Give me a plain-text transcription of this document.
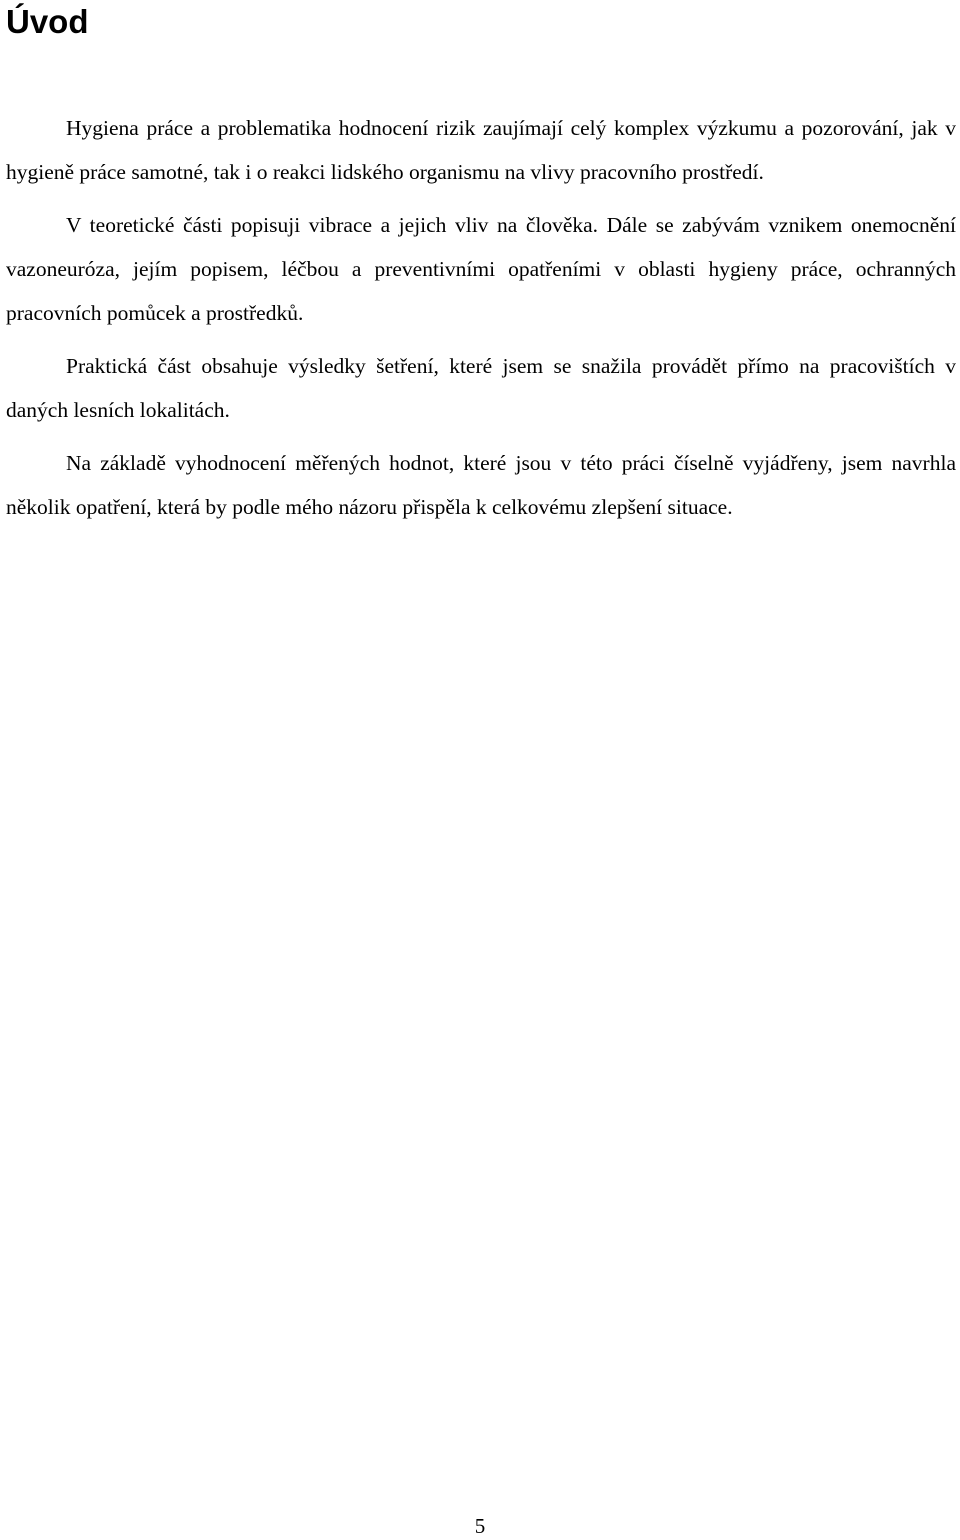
Úvod

Hygiena práce a problematika hodnocení rizik zaujímají celý komplex výzkumu a pozorování, jak v hygieně práce samotné, tak i o reakci lidského organismu na vlivy pracovního prostředí.

V teoretické části popisuji vibrace a jejich vliv na člověka. Dále se zabývám vznikem onemocnění vazoneuróza, jejím popisem, léčbou a preventivními opatřeními v oblasti hygieny práce, ochranných pracovních pomůcek a prostředků.

Praktická část obsahuje výsledky šetření, které jsem se snažila provádět přímo na pracovištích v daných lesních lokalitách.

Na základě vyhodnocení měřených hodnot, které jsou v této práci číselně vyjádřeny, jsem navrhla několik opatření, která by podle mého názoru přispěla k celkovému zlepšení situace.

5
